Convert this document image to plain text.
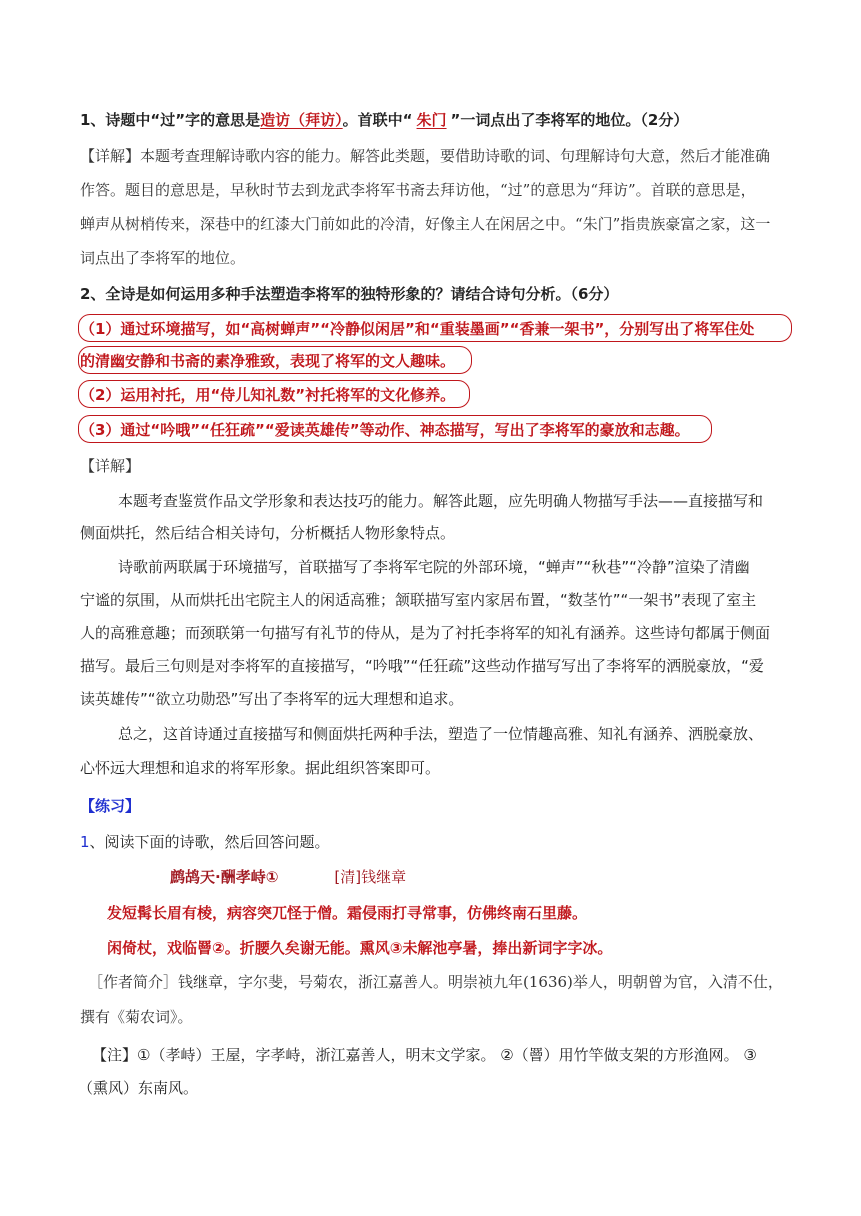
1、诗题中“过”字的意思是造访（拜访）。首联中“ 朱门 ”一词点出了李将军的地位。（2分）
【详解】本题考查理解诗歌内容的能力。解答此类题，要借助诗歌的词、句理解诗句大意，然后才能准确
作答。题目的意思是，早秋时节去到龙武李将军书斋去拜访他，“过”的意思为“拜访”。首联的意思是，
蝉声从树梢传来，深巷中的红漆大门前如此的冷清，好像主人在闲居之中。“朱门”指贵族豪富之家，这一
词点出了李将军的地位。
2、全诗是如何运用多种手法塑造李将军的独特形象的？请结合诗句分析。（6分）
（1）通过环境描写，如“高树蝉声”“冷静似闲居”和“重装墨画”“香兼一架书”，分别写出了将军住处
的清幽安静和书斋的素净雅致，表现了将军的文人趣味。
（2）运用衬托，用“侍儿知礼数”衬托将军的文化修养。
（3）通过“吟哦”“任狂疏”“爱读英雄传”等动作、神态描写，写出了李将军的豪放和志趣。
【详解】
本题考查鉴赏作品文学形象和表达技巧的能力。解答此题，应先明确人物描写手法——直接描写和
侧面烘托，然后结合相关诗句，分析概括人物形象特点。
诗歌前两联属于环境描写，首联描写了李将军宅院的外部环境，“蝉声”“秋巷”“冷静”渲染了清幽
宁谧的氛围，从而烘托出宅院主人的闲适高雅；颔联描写室内家居布置，“数茎竹”“一架书”表现了室主
人的高雅意趣；而颈联第一句描写有礼节的侍从，是为了衬托李将军的知礼有涵养。这些诗句都属于侧面
描写。最后三句则是对李将军的直接描写，“吟哦”“任狂疏”这些动作描写写出了李将军的洒脱豪放，“爱
读英雄传”“欲立功勋恐”写出了李将军的远大理想和追求。
总之，这首诗通过直接描写和侧面烘托两种手法，塑造了一位情趣高雅、知礼有涵养、洒脱豪放、
心怀远大理想和追求的将军形象。据此组织答案即可。
【练习】
1、阅读下面的诗歌，然后回答问题。
鹧鸪天·酬孝峙①	[清]钱继章
发短髯长眉有棱，病容突兀怪于僧。霜侵雨打寻常事，仿佛终南石里藤。
闲倚杖，戏临罾②。折腰久矣谢无能。熏风③未解池亭暑，捧出新词字字冰。
［作者简介］钱继章，字尔斐，号菊农，浙江嘉善人。明崇祯九年(1636)举人，明朝曾为官，入清不仕，
撰有《菊农词》。
【注】①（孝峙）王屋，字孝峙，浙江嘉善人，明末文学家。 ②（罾）用竹竿做支架的方形渔网。 ③
（熏风）东南风。
